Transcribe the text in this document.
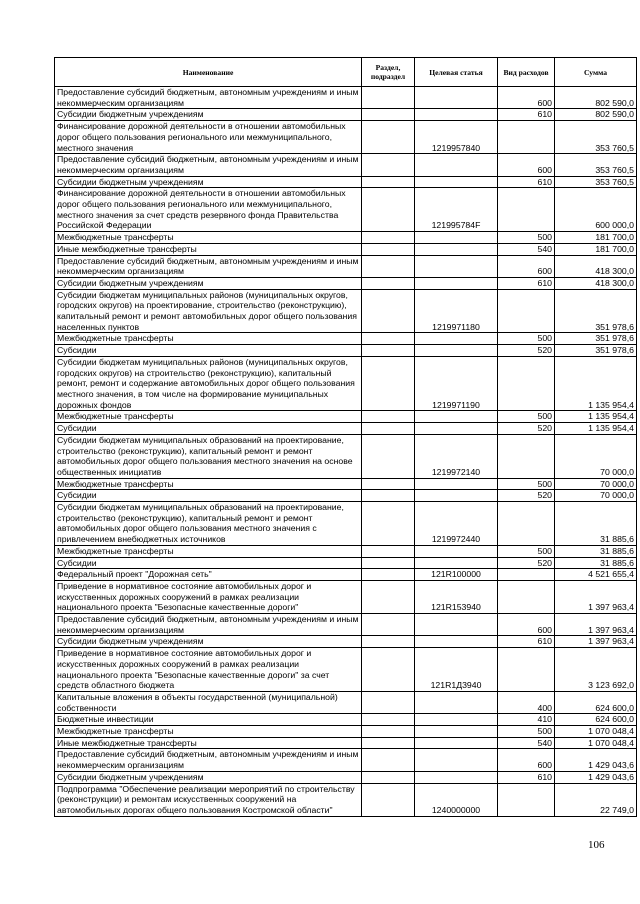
Наименование	Раздел, подраздел	Целевая статья	Вид расходов	Сумма
Предоставление субсидий бюджетным, автономным учреждениям и иным некоммерческим организациям			600	802 590,0
Субсидии бюджетным учреждениям			610	802 590,0
Финансирование дорожной деятельности в отношении автомобильных дорог общего пользования регионального или межмуниципального, местного значения		1219957840		353 760,5
Предоставление субсидий бюджетным, автономным учреждениям и иным некоммерческим организациям			600	353 760,5
Субсидии бюджетным учреждениям			610	353 760,5
Финансирование дорожной деятельности в отношении автомобильных дорог общего пользования регионального или межмуниципального, местного значения за счет средств резервного фонда Правительства Российской Федерации		121995784F		600 000,0
Межбюджетные трансферты			500	181 700,0
Иные межбюджетные трансферты			540	181 700,0
Предоставление субсидий бюджетным, автономным учреждениям и иным некоммерческим организациям			600	418 300,0
Субсидии бюджетным учреждениям			610	418 300,0
Субсидии бюджетам муниципальных районов (муниципальных округов, городских округов) на проектирование, строительство (реконструкцию), капитальный ремонт и ремонт автомобильных дорог общего пользования населенных пунктов		1219971180		351 978,6
Межбюджетные трансферты			500	351 978,6
Субсидии			520	351 978,6
Субсидии бюджетам муниципальных районов (муниципальных округов, городских округов) на строительство (реконструкцию), капитальный ремонт, ремонт и содержание автомобильных дорог общего пользования местного значения, в том числе на формирование муниципальных дорожных фондов		1219971190		1 135 954,4
Межбюджетные трансферты			500	1 135 954,4
Субсидии			520	1 135 954,4
Субсидии бюджетам муниципальных образований на проектирование, строительство (реконструкцию), капитальный ремонт и ремонт автомобильных дорог общего пользования местного значения на основе общественных инициатив		1219972140		70 000,0
Межбюджетные трансферты			500	70 000,0
Субсидии			520	70 000,0
Субсидии бюджетам муниципальных образований на проектирование, строительство (реконструкцию), капитальный ремонт и ремонт автомобильных дорог общего пользования местного значения с привлечением внебюджетных источников		1219972440		31 885,6
Межбюджетные трансферты			500	31 885,6
Субсидии			520	31 885,6
Федеральный проект "Дорожная сеть"		121R100000		4 521 655,4
Приведение в нормативное состояние автомобильных дорог и искусственных дорожных сооружений в рамках реализации национального проекта "Безопасные качественные дороги"		121R153940		1 397 963,4
Предоставление субсидий бюджетным, автономным учреждениям и иным некоммерческим организациям			600	1 397 963,4
Субсидии бюджетным учреждениям			610	1 397 963,4
Приведение в нормативное состояние автомобильных дорог и искусственных дорожных сооружений в рамках реализации национального проекта "Безопасные качественные дороги" за счет средств областного бюджета		121R1Д3940		3 123 692,0
Капитальные вложения в объекты государственной (муниципальной) собственности			400	624 600,0
Бюджетные инвестиции			410	624 600,0
Межбюджетные трансферты			500	1 070 048,4
Иные межбюджетные трансферты			540	1 070 048,4
Предоставление субсидий бюджетным, автономным учреждениям и иным некоммерческим организациям			600	1 429 043,6
Субсидии бюджетным учреждениям			610	1 429 043,6
Подпрограмма "Обеспечение реализации мероприятий по строительству (реконструкции) и ремонтам искусственных сооружений на автомобильных дорогах общего пользования Костромской области"		1240000000		22 749,0
106
